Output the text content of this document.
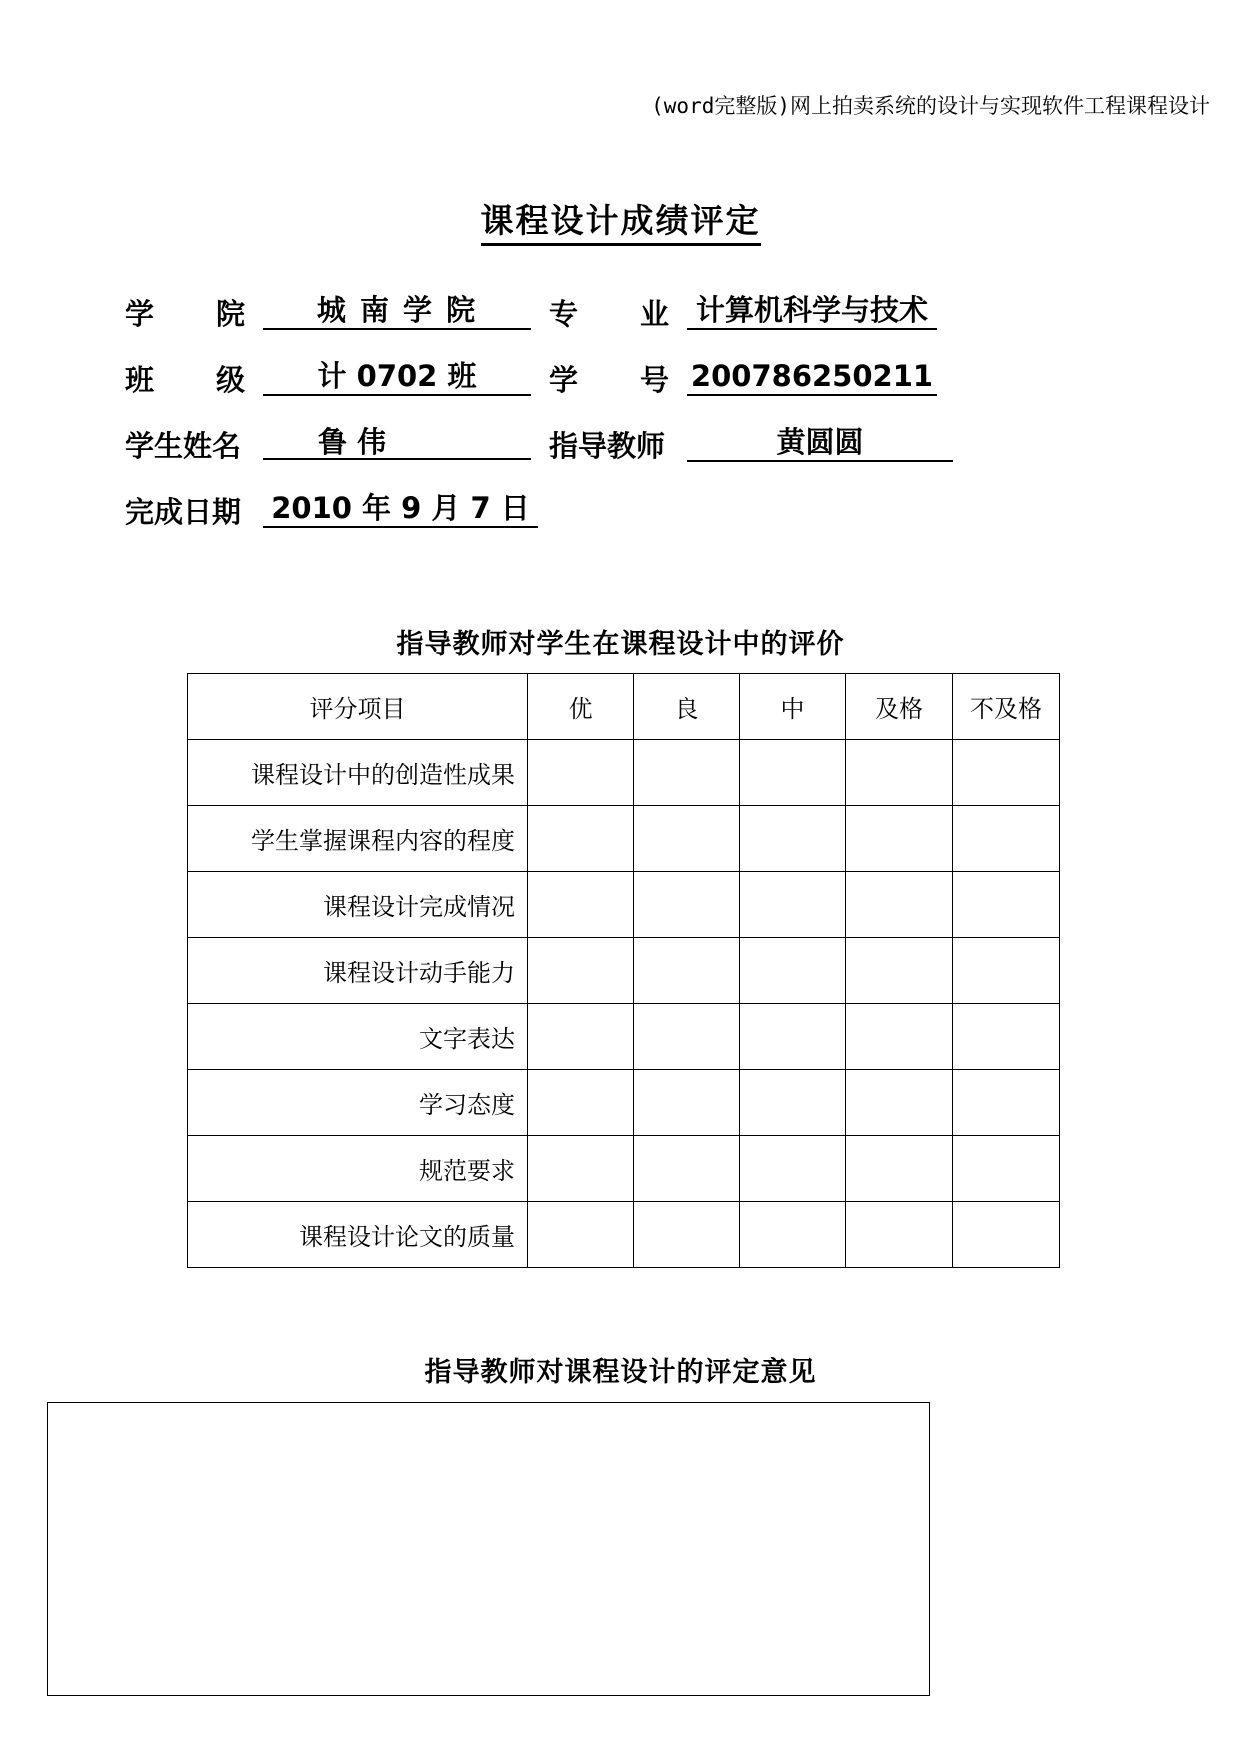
(word完整版)网上拍卖系统的设计与实现软件工程课程设计
课程设计成绩评定
学 院	城 南 学 院	专 业 计算机科学与技术
班 级	计 0702 班	学 号 200786250211
学生姓名	鲁 伟	指导教师	黄圆圆
完成日期 2010 年 9 月 7 日
指导教师对学生在课程设计中的评价
评分项目	优	良	中	及格	不及格
课程设计中的创造性成果					
学生掌握课程内容的程度					
课程设计完成情况					
课程设计动手能力					
文字表达					
学习态度					
规范要求					
课程设计论文的质量					
指导教师对课程设计的评定意见
